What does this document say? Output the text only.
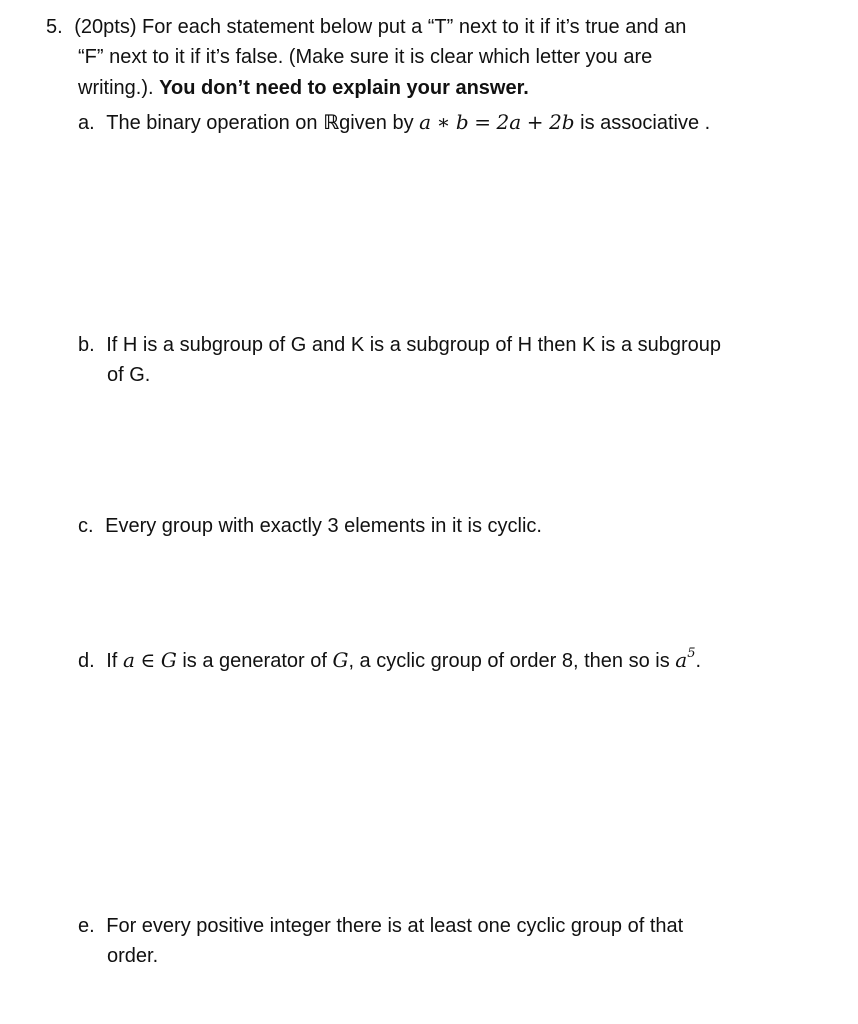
5. (20pts) For each statement below put a “T” next to it if it’s true and an
“F” next to it if it’s false. (Make sure it is clear which letter you are
writing.). You don’t need to explain your answer.
a. The binary operation on ℝgiven by a ∗ b = 2a + 2b is associative .
b. If H is a subgroup of G and K is a subgroup of H then K is a subgroup
of G.
c. Every group with exactly 3 elements in it is cyclic.
d. If a ∈ G is a generator of G, a cyclic group of order 8, then so is $a^5$.
e. For every positive integer there is at least one cyclic group of that
order.
